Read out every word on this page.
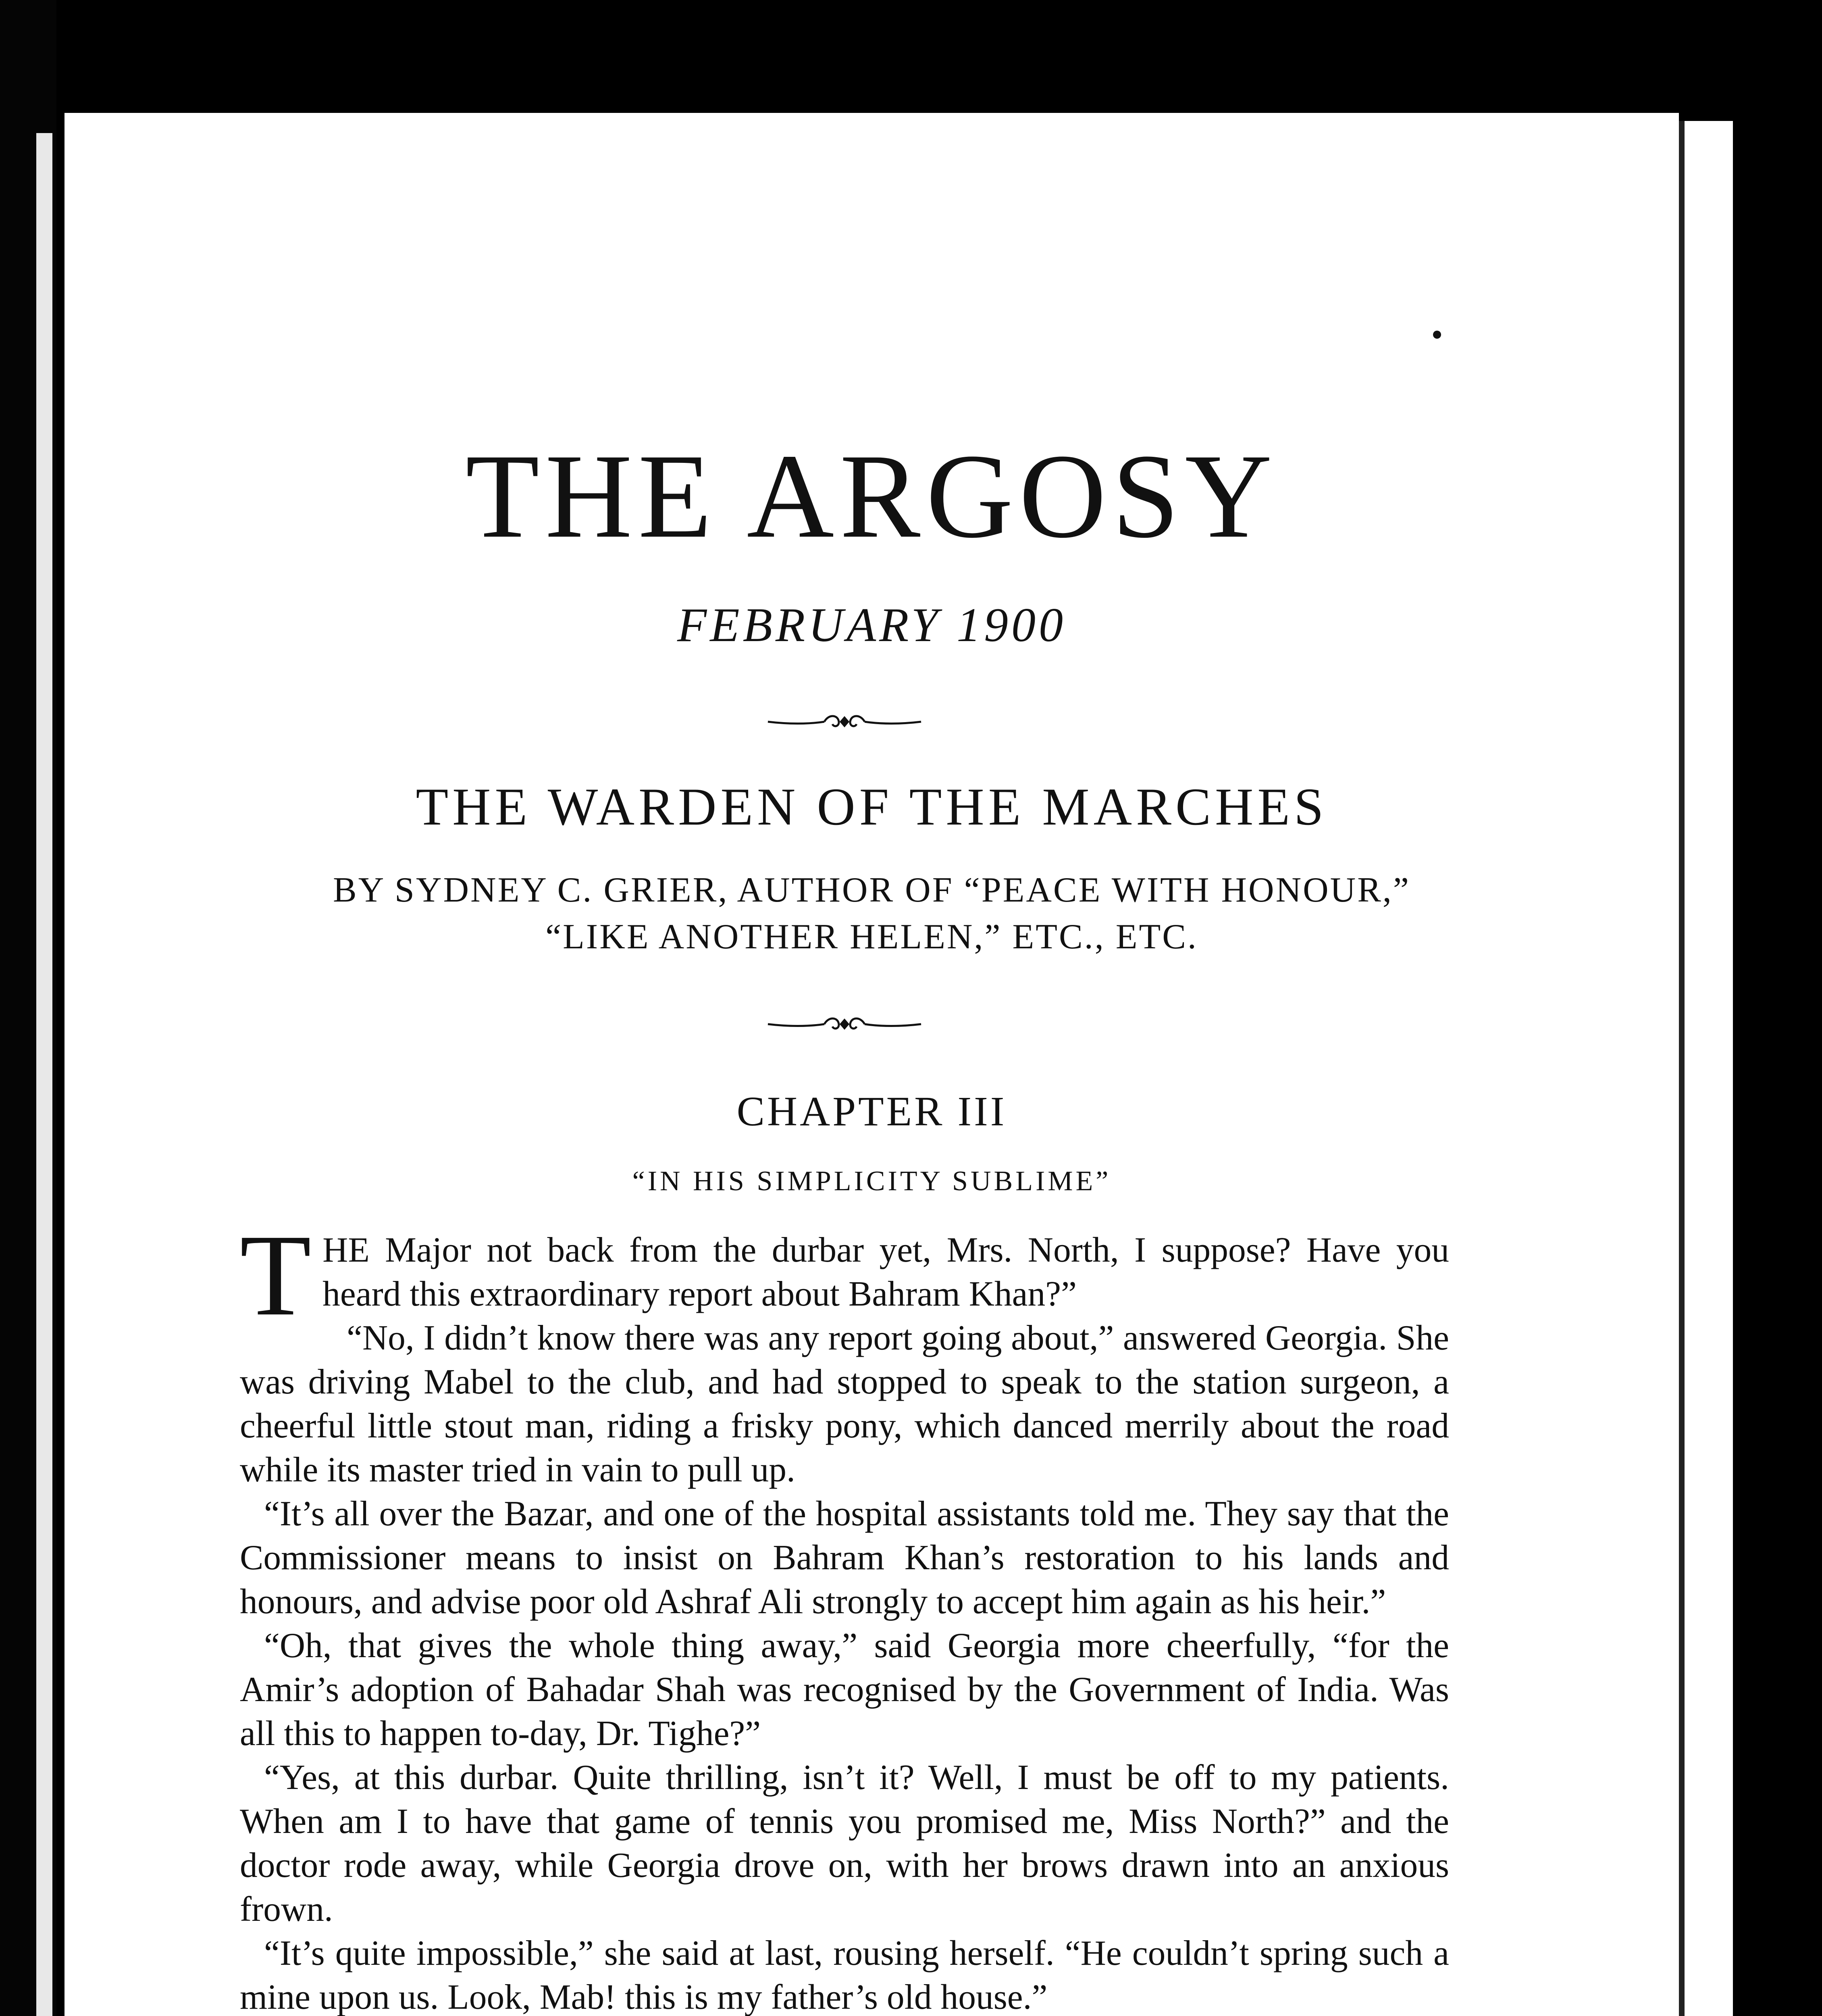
THE ARGOSY
FEBRUARY 1900
THE WARDEN OF THE MARCHES
BY SYDNEY C. GRIER, AUTHOR OF “PEACE WITH HONOUR,”
“LIKE ANOTHER HELEN,” ETC., ETC.
CHAPTER III
“IN HIS SIMPLICITY SUBLIME”

THE Major not back from the durbar yet, Mrs. North, I suppose? Have you heard this extraordinary report about Bahram Khan?”

“No, I didn’t know there was any report going about,” answered Georgia. She was driving Mabel to the club, and had stopped to speak to the station surgeon, a cheerful little stout man, riding a frisky pony, which danced merrily about the road while its master tried in vain to pull up.

“It’s all over the Bazar, and one of the hospital assistants told me. They say that the Commissioner means to insist on Bahram Khan’s restoration to his lands and honours, and advise poor old Ashraf Ali strongly to accept him again as his heir.”

“Oh, that gives the whole thing away,” said Georgia more cheerfully, “for the Amir’s adoption of Bahadar Shah was recognised by the Government of India. Was all this to happen to-day, Dr. Tighe?”

“Yes, at this durbar. Quite thrilling, isn’t it? Well, I must be off to my patients. When am I to have that game of tennis you promised me, Miss North?” and the doctor rode away, while Georgia drove on, with her brows drawn into an anxious frown.

“It’s quite impossible,” she said at last, rousing herself. “He couldn’t spring such a mine upon us. Look, Mab! this is my father’s old house.”
